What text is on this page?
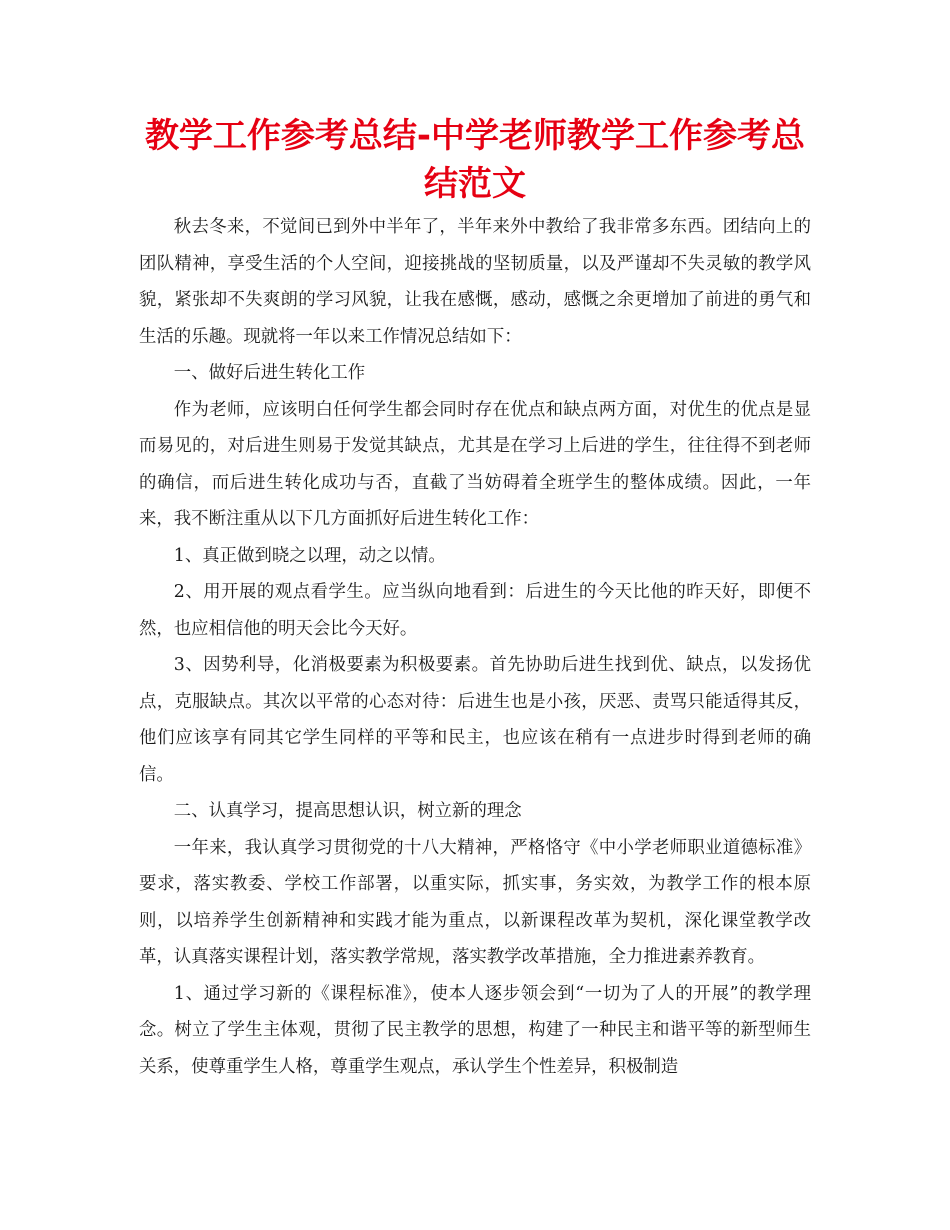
教学工作参考总结-中学老师教学工作参考总结范文

秋去冬来，不觉间已到外中半年了，半年来外中教给了我非常多东西。团结向上的团队精神，享受生活的个人空间，迎接挑战的坚韧质量，以及严谨却不失灵敏的教学风貌，紧张却不失爽朗的学习风貌，让我在感慨，感动，感慨之余更增加了前进的勇气和生活的乐趣。现就将一年以来工作情况总结如下：

一、做好后进生转化工作

作为老师，应该明白任何学生都会同时存在优点和缺点两方面，对优生的优点是显而易见的，对后进生则易于发觉其缺点，尤其是在学习上后进的学生，往往得不到老师的确信，而后进生转化成功与否，直截了当妨碍着全班学生的整体成绩。因此，一年来，我不断注重从以下几方面抓好后进生转化工作：

1、真正做到晓之以理，动之以情。

2、用开展的观点看学生。应当纵向地看到：后进生的今天比他的昨天好，即便不然，也应相信他的明天会比今天好。

3、因势利导，化消极要素为积极要素。首先协助后进生找到优、缺点，以发扬优点，克服缺点。其次以平常的心态对待：后进生也是小孩，厌恶、责骂只能适得其反，他们应该享有同其它学生同样的平等和民主，也应该在稍有一点进步时得到老师的确信。

二、认真学习，提高思想认识，树立新的理念

一年来，我认真学习贯彻党的十八大精神，严格恪守《中小学老师职业道德标准》要求，落实教委、学校工作部署，以重实际，抓实事，务实效，为教学工作的根本原则，以培养学生创新精神和实践才能为重点，以新课程改革为契机，深化课堂教学改革，认真落实课程计划，落实教学常规，落实教学改革措施，全力推进素养教育。

1、通过学习新的《课程标准》，使本人逐步领会到“一切为了人的开展”的教学理念。树立了学生主体观，贯彻了民主教学的思想，构建了一种民主和谐平等的新型师生关系，使尊重学生人格，尊重学生观点，承认学生个性差异，积极制造
